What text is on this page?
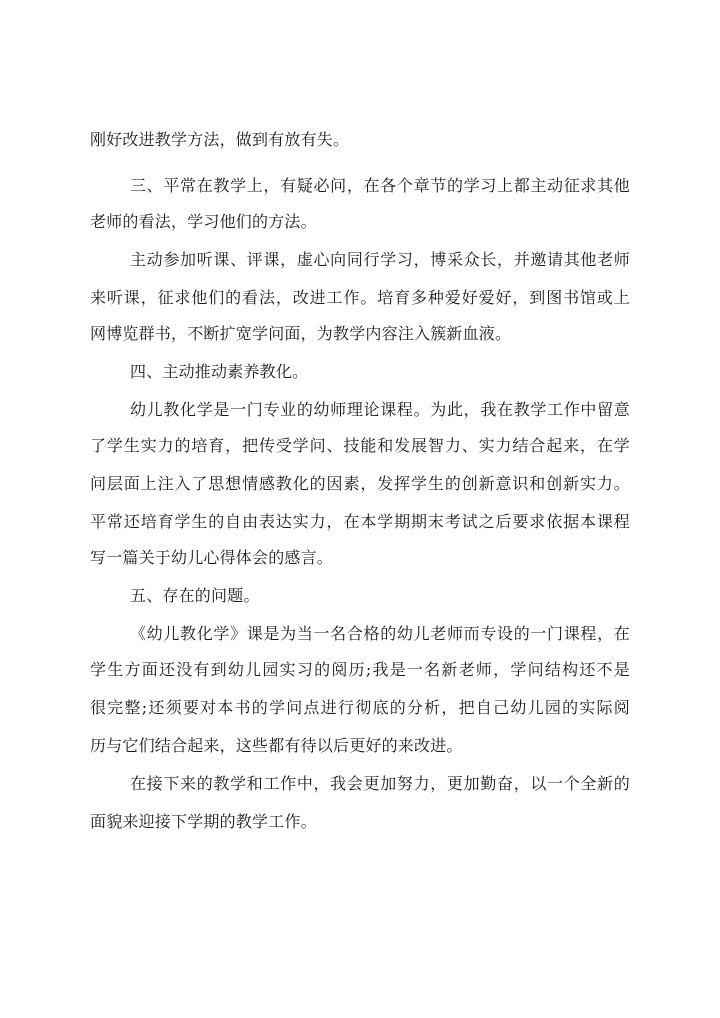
刚好改进教学方法，做到有放有失。
三、平常在教学上，有疑必问，在各个章节的学习上都主动征求其他
老师的看法，学习他们的方法。
主动参加听课、评课，虚心向同行学习，博采众长，并邀请其他老师
来听课，征求他们的看法，改进工作。培育多种爱好爱好，到图书馆或上
网博览群书，不断扩宽学问面，为教学内容注入簇新血液。
四、主动推动素养教化。
幼儿教化学是一门专业的幼师理论课程。为此，我在教学工作中留意
了学生实力的培育，把传受学问、技能和发展智力、实力结合起来，在学
问层面上注入了思想情感教化的因素，发挥学生的创新意识和创新实力。
平常还培育学生的自由表达实力，在本学期期末考试之后要求依据本课程
写一篇关于幼儿心得体会的感言。
五、存在的问题。
《幼儿教化学》课是为当一名合格的幼儿老师而专设的一门课程，在
学生方面还没有到幼儿园实习的阅历;我是一名新老师，学问结构还不是
很完整;还须要对本书的学问点进行彻底的分析，把自己幼儿园的实际阅
历与它们结合起来，这些都有待以后更好的来改进。
在接下来的教学和工作中，我会更加努力，更加勤奋，以一个全新的
面貌来迎接下学期的教学工作。
